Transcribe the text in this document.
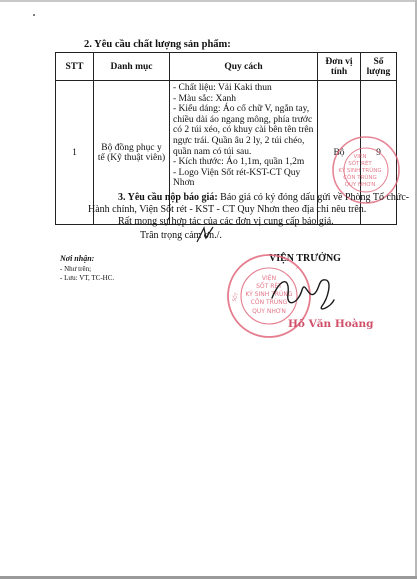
2. Yêu cầu chất lượng sản phẩm:
STT	Danh mục	Quy cách	Đơn vị tính	Số lượng
1	Bộ đồng phục y tế (Kỹ thuật viên)	- Chất liệu: Vải Kaki thun
- Màu sắc: Xanh
- Kiểu dáng: Áo cổ chữ V, ngắn tay, chiều dài áo ngang mông, phía trước có 2 túi xéo, có khuy cài bên tên trên ngực trái. Quần âu 2 ly, 2 túi chéo, quần nam có túi sau.
- Kích thước: Áo 1,1m, quần 1,2m
- Logo Viện Sốt rét-KST-CT Quy Nhơn	Bộ	9
VIỆN
SỐT RÉT
KÝ SINH TRÙNG
CÔN TRÙNG
QUY NHƠN
3. Yêu cầu nộp báo giá: Báo giá có ký đóng dấu gửi về Phòng Tổ chức-
Hành chính, Viện Sốt rét - KST - CT Quy Nhơn theo địa chỉ nêu trên.
Rất mong sự hợp tác của các đơn vị cung cấp báo giá.
Trân trọng cảm ơn./.
Nơi nhận:
- Như trên;
- Lưu: VT, TC-HC.
VIỆN TRƯỞNG
VIỆN
SỐT RÉT
KÝ SINH TRÙNG
CÔN TRÙNG
QUY NHƠN
SỐT
Y
Hồ Văn Hoàng
